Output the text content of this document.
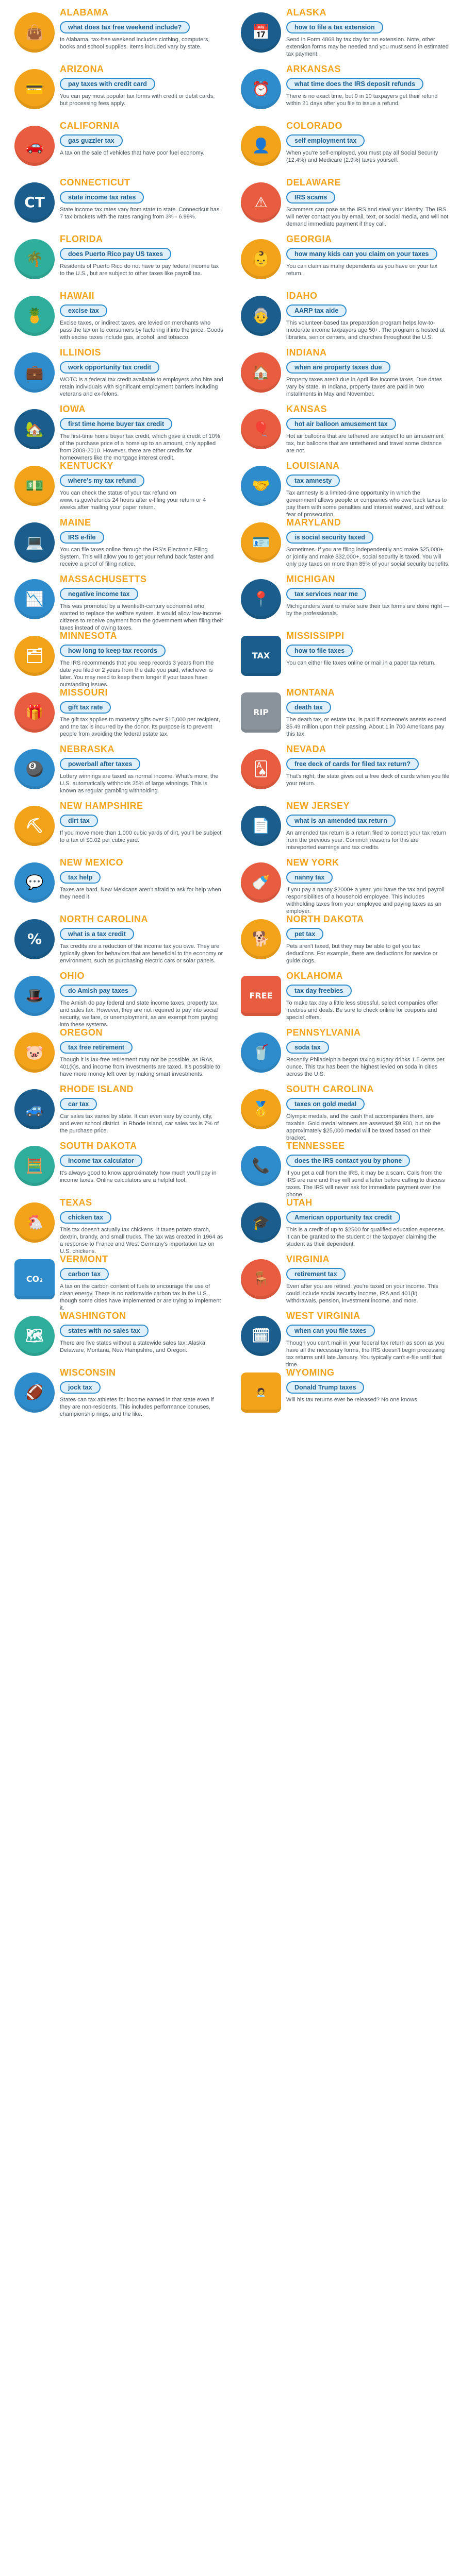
👜
ALABAMA
what does tax free weekend include?
In Alabama, tax-free weekend includes clothing, computers, books and school supplies. Items included vary by state.
📅
ALASKA
how to file a tax extension
Send in Form 4868 by tax day for an extension. Note, other extension forms may be needed and you must send in estimated tax payment.
💳
ARIZONA
pay taxes with credit card
You can pay most popular tax forms with credit or debit cards, but processing fees apply.
⏰
ARKANSAS
what time does the IRS deposit refunds
There is no exact time, but 9 in 10 taxpayers get their refund within 21 days after you file to issue a refund.
🚗
CALIFORNIA
gas guzzler tax
A tax on the sale of vehicles that have poor fuel economy.	👤
COLORADO
self employment tax
When you're self-employed, you must pay all Social Security (12.4%) and Medicare (2.9%) taxes yourself.
CT
CONNECTICUT
state income tax rates
State income tax rates vary from state to state. Connecticut has 7 tax brackets with the rates ranging from 3% - 6.99%.
⚠
DELAWARE
IRS scams
Scammers can pose as the IRS and steal your identity. The IRS will never contact you by email, text, or social media, and will not demand immediate payment if they call.
🌴
FLORIDA
does Puerto Rico pay US taxes
Residents of Puerto Rico do not have to pay federal income tax to the U.S., but are subject to other taxes like payroll tax.
👶
GEORGIA
how many kids can you claim on your taxes
You can claim as many dependents as you have on your tax return.
🍍
HAWAII
excise tax
Excise taxes, or indirect taxes, are levied on merchants who pass the tax on to consumers by factoring it into the price. Goods with excise taxes include gas, alcohol, and tobacco.
👵
IDAHO
AARP tax aide
This volunteer-based tax preparation program helps low-to-moderate income taxpayers age 50+. The program is hosted at libraries, senior centers, and churches throughout the U.S.
💼
ILLINOIS
work opportunity tax credit
WOTC is a federal tax credit available to employers who hire and retain individuals with significant employment barriers including veterans and ex-felons.
🏠
INDIANA
when are property taxes due
Property taxes aren't due in April like income taxes. Due dates vary by state. In Indiana, property taxes are paid in two installments in May and November.
🏡
IOWA
first time home buyer tax credit
The first-time home buyer tax credit, which gave a credit of 10% of the purchase price of a home up to an amount, only applied from 2008-2010. However, there are other credits for homeowners like the mortgage interest credit.
🎈
KANSAS
hot air balloon amusement tax
Hot air balloons that are tethered are subject to an amusement tax, but balloons that are untethered and travel some distance are not.
💵
KENTUCKY
where's my tax refund
You can check the status of your tax refund on www.irs.gov/refunds 24 hours after e-filing your return or 4 weeks after mailing your paper return.
🤝
LOUISIANA
tax amnesty
Tax amnesty is a limited-time opportunity in which the government allows people or companies who owe back taxes to pay them with some penalties and interest waived, and without fear of prosecution.
💻
MAINE
IRS e-file
You can file taxes online through the IRS's Electronic Filing System. This will allow you to get your refund back faster and receive a proof of filing notice.
🪪
MARYLAND
is social security taxed
Sometimes. If you are filing independently and make $25,000+ or jointly and make $32,000+, social security is taxed. You will only pay taxes on more than 85% of your social security benefits.
📉
MASSACHUSETTS
negative income tax
This was promoted by a twentieth-century economist who wanted to replace the welfare system. It would allow low-income citizens to receive payment from the government when filing their taxes instead of owing taxes.
📍
MICHIGAN
tax services near me
Michiganders want to make sure their tax forms are done right — by the professionals.
🗂
MINNESOTA
how long to keep tax records
The IRS recommends that you keep records 3 years from the date you filed or 2 years from the date you paid, whichever is later. You may need to keep them longer if your taxes have outstanding issues.
TAX
MISSISSIPPI
how to file taxes
You can either file taxes online or mail in a paper tax return.
🎁
MISSOURI
gift tax rate
The gift tax applies to monetary gifts over $15,000 per recipient, and the tax is incurred by the donor. Its purpose is to prevent people from avoiding the federal estate tax.
RIP
MONTANA
death tax
The death tax, or estate tax, is paid if someone's assets exceed $5.49 million upon their passing. About 1 in 700 Americans pay this tax.
🎱
NEBRASKA
powerball after taxes
Lottery winnings are taxed as normal income. What's more, the U.S. automatically withholds 25% of large winnings. This is known as regular gambling withholding.
🂡
NEVADA
free deck of cards for filed tax return?
That's right, the state gives out a free deck of cards when you file your return.
⛏
NEW HAMPSHIRE
dirt tax
If you move more than 1,000 cubic yards of dirt, you'll be subject to a tax of $0.02 per cubic yard.
📄
NEW JERSEY
what is an amended tax return
An amended tax return is a return filed to correct your tax return from the previous year. Common reasons for this are misreported earnings and tax credits.
💬
NEW MEXICO
tax help
Taxes are hard. New Mexicans aren't afraid to ask for help when they need it.
🍼
NEW YORK
nanny tax
If you pay a nanny $2000+ a year, you have the tax and payroll responsibilities of a household employee. This includes withholding taxes from your employee and paying taxes as an employer.
%
NORTH CAROLINA
what is a tax credit
Tax credits are a reduction of the income tax you owe. They are typically given for behaviors that are beneficial to the economy or environment, such as purchasing electric cars or solar panels.
🐕
NORTH DAKOTA
pet tax
Pets aren't taxed, but they may be able to get you tax deductions. For example, there are deductions for service or guide dogs.
🎩
OHIO
do Amish pay taxes
The Amish do pay federal and state income taxes, property tax, and sales tax. However, they are not required to pay into social security, welfare, or unemployment, as are exempt from paying into these systems.
FREE
OKLAHOMA
tax day freebies
To make tax day a little less stressful, select companies offer freebies and deals. Be sure to check online for coupons and special offers.
🐷
OREGON
tax free retirement
Though it is tax-free retirement may not be possible, as IRAs, 401(k)s, and income from investments are taxed. It's possible to have more money left over by making smart investments.
🥤
PENNSYLVANIA
soda tax
Recently Philadelphia began taxing sugary drinks 1.5 cents per ounce. This tax has been the highest levied on soda in cities across the U.S.
🚙
RHODE ISLAND
car tax
Car sales tax varies by state. It can even vary by county, city, and even school district. In Rhode Island, car sales tax is 7% of the purchase price.
🥇
SOUTH CAROLINA
taxes on gold medal
Olympic medals, and the cash that accompanies them, are taxable. Gold medal winners are assessed $9,900, but on the approximately $25,000 medal will be taxed based on their bracket.
🧮
SOUTH DAKOTA
income tax calculator
It's always good to know approximately how much you'll pay in income taxes. Online calculators are a helpful tool.
📞
TENNESSEE
does the IRS contact you by phone
If you get a call from the IRS, it may be a scam. Calls from the IRS are rare and they will send a letter before calling to discuss taxes. The IRS will never ask for immediate payment over the phone.
🐔
TEXAS
chicken tax
This tax doesn't actually tax chickens. It taxes potato starch, dextrin, brandy, and small trucks. The tax was created in 1964 as a response to France and West Germany's importation tax on U.S. chickens.
🎓
UTAH
American opportunity tax credit
This is a credit of up to $2500 for qualified education expenses. It can be granted to the student or the taxpayer claiming the student as their dependent.
CO₂
VERMONT
carbon tax
A tax on the carbon content of fuels to encourage the use of clean energy. There is no nationwide carbon tax in the U.S., though some cities have implemented or are trying to implement it.
🪑
VIRGINIA
retirement tax
Even after you are retired, you're taxed on your income. This could include social security income, IRA and 401(k) withdrawals, pension, investment income, and more.
🗺
WASHINGTON
states with no sales tax
There are five states without a statewide sales tax: Alaska, Delaware, Montana, New Hampshire, and Oregon.
🗓
WEST VIRGINIA
when can you file taxes
Though you can't mail in your federal tax return as soon as you have all the necessary forms, the IRS doesn't begin processing tax returns until late January. You typically can't e-file until that time.
🏈
WISCONSIN
jock tax
States can tax athletes for income earned in that state even if they are non-residents. This includes performance bonuses, championship rings, and the like.
🧑‍💼
WYOMING
Donald Trump taxes
Will his tax returns ever be released? No one knows.
